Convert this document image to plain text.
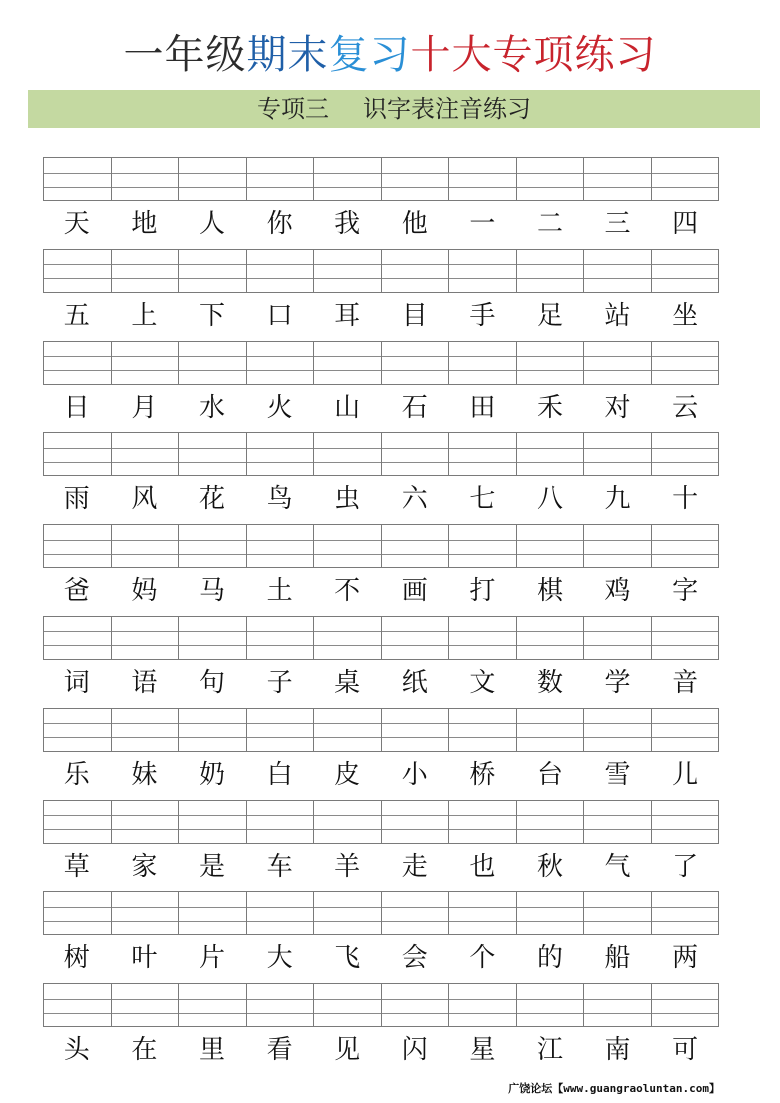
一年级期末复习十大专项练习
专项三 识字表注音练习
天	地	人	你	我	他	一	二	三	四
五	上	下	口	耳	目	手	足	站	坐
日	月	水	火	山	石	田	禾	对	云
雨	风	花	鸟	虫	六	七	八	九	十
爸	妈	马	土	不	画	打	棋	鸡	字
词	语	句	子	桌	纸	文	数	学	音
乐	妹	奶	白	皮	小	桥	台	雪	儿
草	家	是	车	羊	走	也	秋	气	了
树	叶	片	大	飞	会	个	的	船	两
头	在	里	看	见	闪	星	江	南	可
广饶论坛【www.guangraoluntan.com】
